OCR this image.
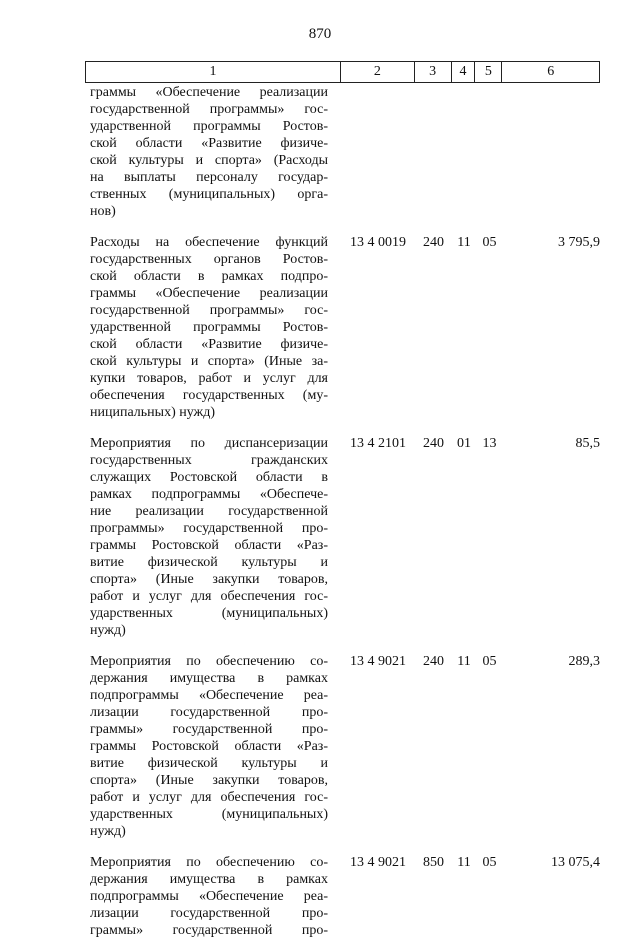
870
1	2	3	4	5	6
граммы «Обеспечение реализации
государственной программы» гос-
ударственной программы Ростов-
ской области «Развитие физиче-
ской культуры и спорта» (Расходы
на выплаты персоналу государ-
ственных (муниципальных) орга-
нов)
Расходы на обеспечение функций
государственных органов Ростов-
ской области в рамках подпро-
граммы «Обеспечение реализации
государственной программы» гос-
ударственной программы Ростов-
ской области «Развитие физиче-
ской культуры и спорта» (Иные за-
купки товаров, работ и услуг для
обеспечения государственных (му-
ниципальных) нужд)
13 4 0019	240 11 05	3 795,9
Мероприятия по диспансеризации
государственных гражданских
служащих Ростовской области в
рамках подпрограммы «Обеспече-
ние реализации государственной
программы» государственной про-
граммы Ростовской области «Раз-
витие физической культуры и
спорта» (Иные закупки товаров,
работ и услуг для обеспечения гос-
ударственных (муниципальных)
нужд)
13 4 2101	240 01 13	85,5
Мероприятия по обеспечению со-
держания имущества в рамках
подпрограммы «Обеспечение реа-
лизации государственной про-
граммы» государственной про-
граммы Ростовской области «Раз-
витие физической культуры и
спорта» (Иные закупки товаров,
работ и услуг для обеспечения гос-
ударственных (муниципальных)
нужд)
13 4 9021	240 11 05	289,3
Мероприятия по обеспечению со-
держания имущества в рамках
подпрограммы «Обеспечение реа-
лизации государственной про-
граммы» государственной про-
13 4 9021	850 11 05	13 075,4
